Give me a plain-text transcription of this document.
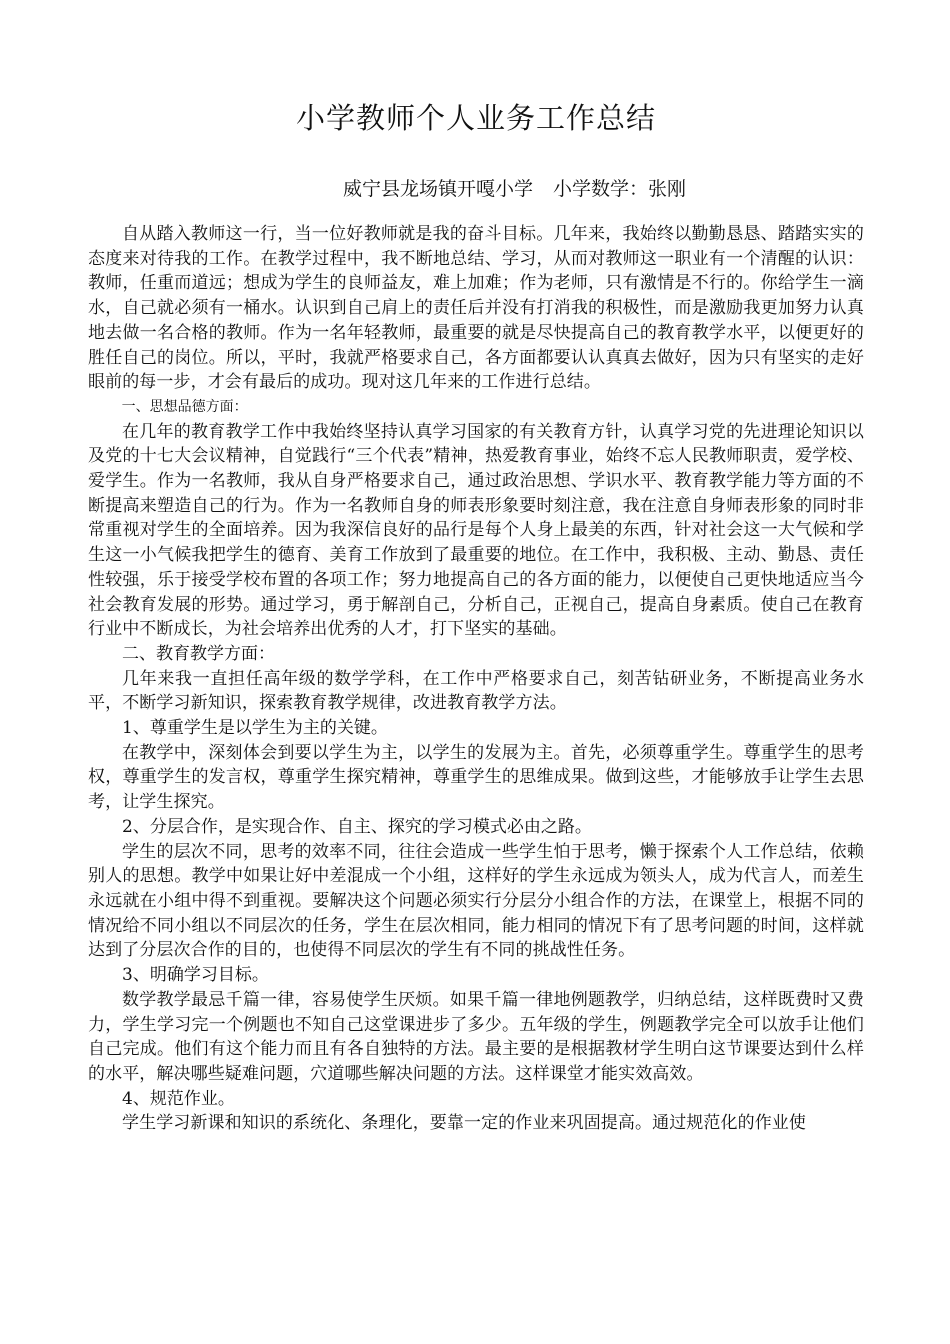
小学教师个人业务工作总结
威宁县龙场镇开嘎小学 小学数学：张刚

自从踏入教师这一行，当一位好教师就是我的奋斗目标。几年来，我始终以勤勤恳恳、踏踏实实的态度来对待我的工作。在教学过程中，我不断地总结、学习，从而对教师这一职业有一个清醒的认识：教师，任重而道远；想成为学生的良师益友，难上加难；作为老师，只有激情是不行的。你给学生一滴水，自己就必须有一桶水。认识到自己肩上的责任后并没有打消我的积极性，而是激励我更加努力认真地去做一名合格的教师。作为一名年轻教师，最重要的就是尽快提高自己的教育教学水平，以便更好的胜任自己的岗位。所以，平时，我就严格要求自己，各方面都要认认真真去做好，因为只有坚实的走好眼前的每一步，才会有最后的成功。现对这几年来的工作进行总结。

一、思想品德方面：

在几年的教育教学工作中我始终坚持认真学习国家的有关教育方针，认真学习党的先进理论知识以及党的十七大会议精神，自觉践行“三个代表”精神，热爱教育事业，始终不忘人民教师职责，爱学校、爱学生。作为一名教师，我从自身严格要求自己，通过政治思想、学识水平、教育教学能力等方面的不断提高来塑造自己的行为。作为一名教师自身的师表形象要时刻注意，我在注意自身师表形象的同时非常重视对学生的全面培养。因为我深信良好的品行是每个人身上最美的东西，针对社会这一大气候和学生这一小气候我把学生的德育、美育工作放到了最重要的地位。在工作中，我积极、主动、勤恳、责任性较强，乐于接受学校布置的各项工作；努力地提高自己的各方面的能力，以便使自己更快地适应当今社会教育发展的形势。通过学习，勇于解剖自己，分析自己，正视自己，提高自身素质。使自己在教育行业中不断成长，为社会培养出优秀的人才，打下坚实的基础。

二、教育教学方面：

几年来我一直担任高年级的数学学科，在工作中严格要求自己，刻苦钻研业务，不断提高业务水平，不断学习新知识，探索教育教学规律，改进教育教学方法。

1、尊重学生是以学生为主的关键。

在教学中，深刻体会到要以学生为主，以学生的发展为主。首先，必须尊重学生。尊重学生的思考权，尊重学生的发言权，尊重学生探究精神，尊重学生的思维成果。做到这些，才能够放手让学生去思考，让学生探究。

2、分层合作，是实现合作、自主、探究的学习模式必由之路。

学生的层次不同，思考的效率不同，往往会造成一些学生怕于思考，懒于探索个人工作总结，依赖别人的思想。教学中如果让好中差混成一个小组，这样好的学生永远成为领头人，成为代言人，而差生永远就在小组中得不到重视。要解决这个问题必须实行分层分小组合作的方法，在课堂上，根据不同的情况给不同小组以不同层次的任务，学生在层次相同，能力相同的情况下有了思考问题的时间，这样就达到了分层次合作的目的，也使得不同层次的学生有不同的挑战性任务。

3、明确学习目标。

数学教学最忌千篇一律，容易使学生厌烦。如果千篇一律地例题教学，归纳总结，这样既费时又费力，学生学习完一个例题也不知自己这堂课进步了多少。五年级的学生，例题教学完全可以放手让他们自己完成。他们有这个能力而且有各自独特的方法。最主要的是根据教材学生明白这节课要达到什么样的水平，解决哪些疑难问题，穴道哪些解决问题的方法。这样课堂才能实效高效。

4、规范作业。

学生学习新课和知识的系统化、条理化，要靠一定的作业来巩固提高。通过规范化的作业使
